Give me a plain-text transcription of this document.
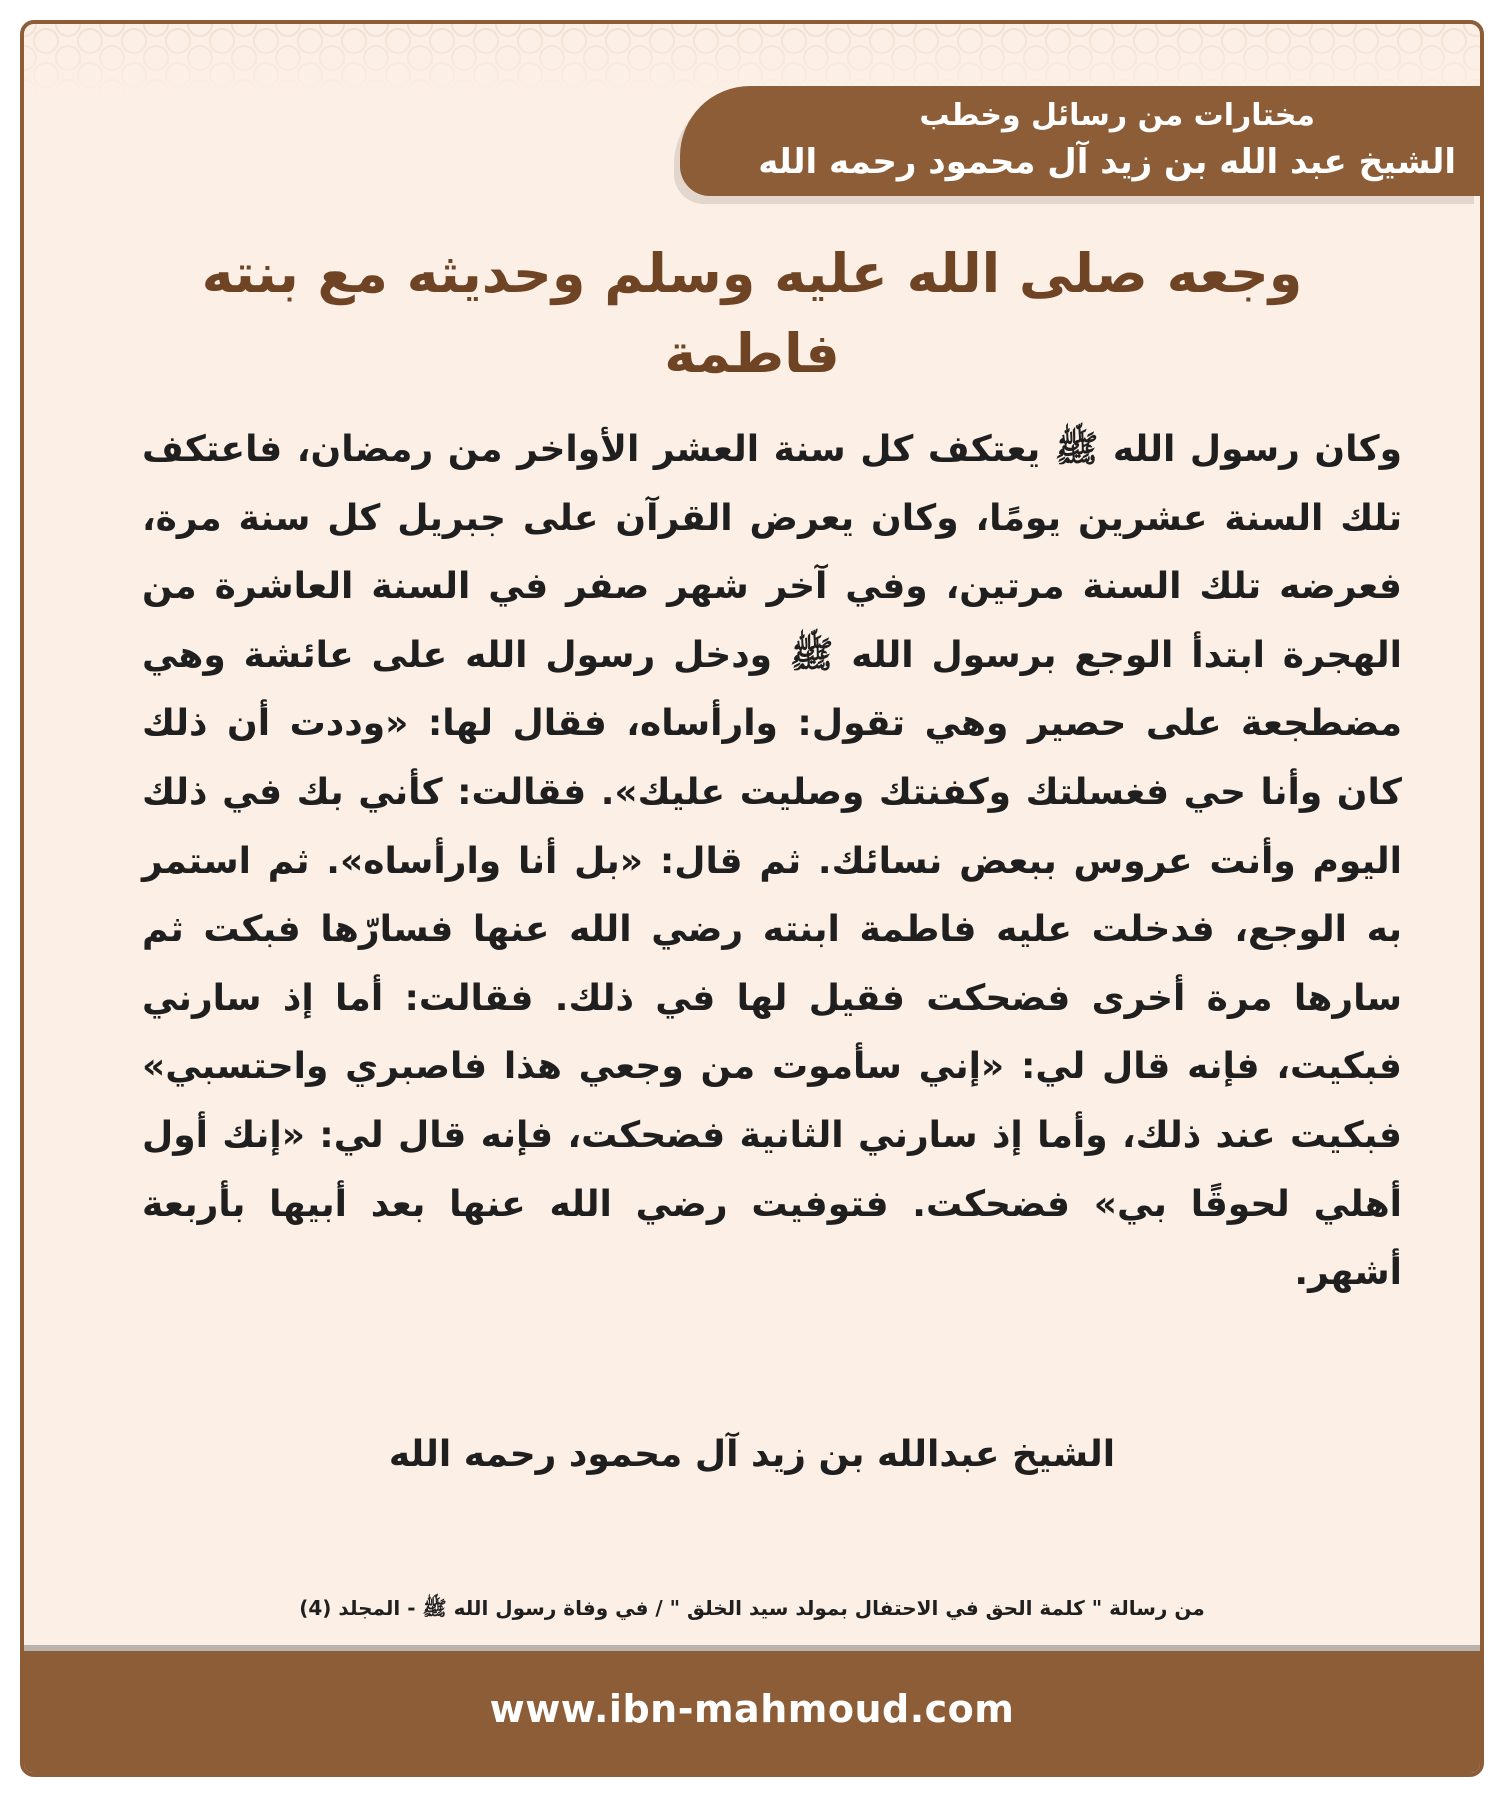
مختارات من رسائل وخطب
الشيخ عبد الله بن زيد آل محمود رحمه الله
وجعه صلى الله عليه وسلم وحديثه مع بنته فاطمة
وكان رسول الله ﷺ يعتكف كل سنة العشر الأواخر من رمضان، فاعتكف تلك السنة عشرين يومًا، وكان يعرض القرآن على جبريل كل سنة مرة، فعرضه تلك السنة مرتين، وفي آخر شهر صفر في السنة العاشرة من الهجرة ابتدأ الوجع برسول الله ﷺ ودخل رسول الله على عائشة وهي مضطجعة على حصير وهي تقول: وارأساه، فقال لها: «وددت أن ذلك كان وأنا حي فغسلتك وكفنتك وصليت عليك». فقالت: كأني بك في ذلك اليوم وأنت عروس ببعض نسائك. ثم قال: «بل أنا وارأساه». ثم استمر به الوجع، فدخلت عليه فاطمة ابنته رضي الله عنها فسارّها فبكت ثم سارها مرة أخرى فضحكت فقيل لها في ذلك. فقالت: أما إذ سارني فبكيت، فإنه قال لي: «إني سأموت من وجعي هذا فاصبري واحتسبي» فبكيت عند ذلك، وأما إذ سارني الثانية فضحكت، فإنه قال لي: «إنك أول أهلي لحوقًا بي» فضحكت. فتوفيت رضي الله عنها بعد أبيها بأربعة أشهر.
الشيخ عبدالله بن زيد آل محمود رحمه الله
من رسالة " كلمة الحق في الاحتفال بمولد سيد الخلق " / في وفاة رسول الله ﷺ - المجلد (4)
www.ibn-mahmoud.com
